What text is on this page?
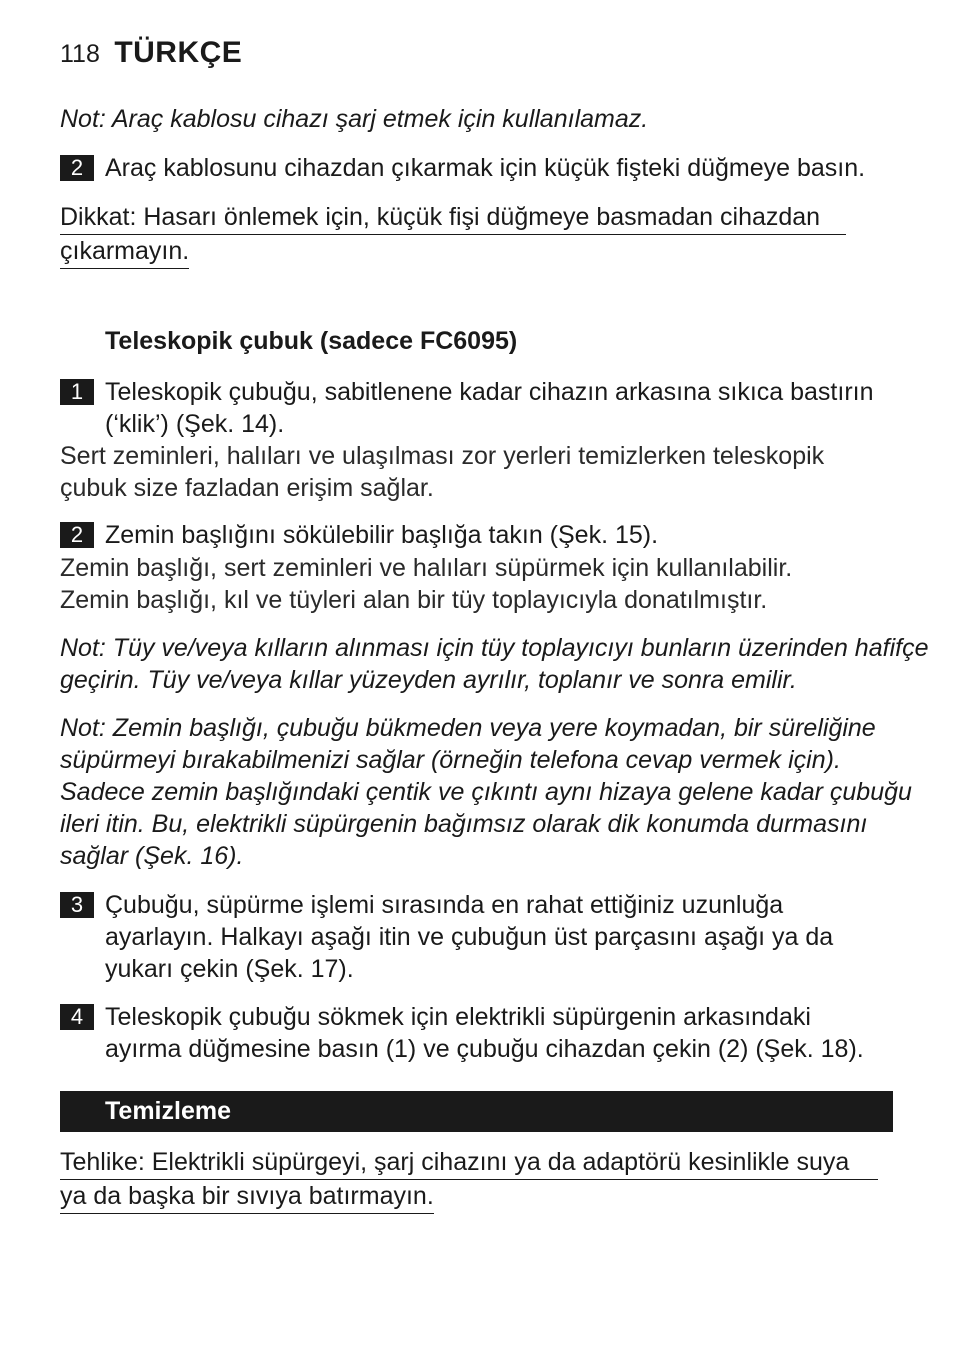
118 TÜRKÇE
Not: Araç kablosu cihazı şarj etmek için kullanılamaz.
2 Araç kablosunu cihazdan çıkarmak için küçük fişteki düğmeye basın.
Dikkat: Hasarı önlemek için, küçük fişi düğmeye basmadan cihazdan
çıkarmayın.
Teleskopik çubuk (sadece FC6095)
1 Teleskopik çubuğu, sabitlenene kadar cihazın arkasına sıkıca bastırın
(‘klik’) (Şek. 14).
Sert zeminleri, halıları ve ulaşılması zor yerleri temizlerken teleskopik
çubuk size fazladan erişim sağlar.
2 Zemin başlığını sökülebilir başlığa takın (Şek. 15).
Zemin başlığı, sert zeminleri ve halıları süpürmek için kullanılabilir.
Zemin başlığı, kıl ve tüyleri alan bir tüy toplayıcıyla donatılmıştır.
Not: Tüy ve/veya kılların alınması için tüy toplayıcıyı bunların üzerinden hafifçe
geçirin. Tüy ve/veya kıllar yüzeyden ayrılır, toplanır ve sonra emilir.
Not: Zemin başlığı, çubuğu bükmeden veya yere koymadan, bir süreliğine
süpürmeyi bırakabilmenizi sağlar (örneğin telefona cevap vermek için).
Sadece zemin başlığındaki çentik ve çıkıntı aynı hizaya gelene kadar çubuğu
ileri itin. Bu, elektrikli süpürgenin bağımsız olarak dik konumda durmasını
sağlar (Şek. 16).
3 Çubuğu, süpürme işlemi sırasında en rahat ettiğiniz uzunluğa
ayarlayın. Halkayı aşağı itin ve çubuğun üst parçasını aşağı ya da
yukarı çekin (Şek. 17).
4 Teleskopik çubuğu sökmek için elektrikli süpürgenin arkasındaki
ayırma düğmesine basın (1) ve çubuğu cihazdan çekin (2) (Şek. 18).
Temizleme
Tehlike: Elektrikli süpürgeyi, şarj cihazını ya da adaptörü kesinlikle suya
ya da başka bir sıvıya batırmayın.
